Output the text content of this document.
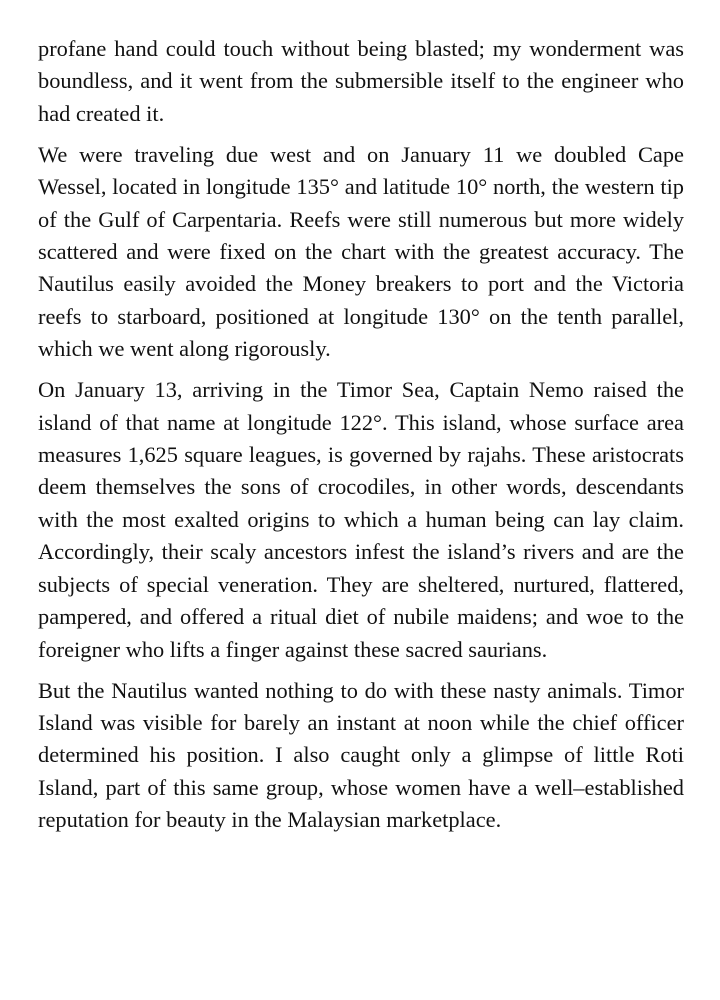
profane hand could touch without being blasted; my wonderment was boundless, and it went from the submersible itself to the engineer who had created it.

We were traveling due west and on January 11 we doubled Cape Wessel, located in longitude 135° and latitude 10° north, the western tip of the Gulf of Carpentaria. Reefs were still numerous but more widely scattered and were fixed on the chart with the greatest accuracy. The Nautilus easily avoided the Money breakers to port and the Victoria reefs to starboard, positioned at longitude 130° on the tenth parallel, which we went along rigorously.

On January 13, arriving in the Timor Sea, Captain Nemo raised the island of that name at longitude 122°. This island, whose surface area measures 1,625 square leagues, is governed by rajahs. These aristocrats deem themselves the sons of crocodiles, in other words, descendants with the most exalted origins to which a human being can lay claim. Accordingly, their scaly ancestors infest the island’s rivers and are the subjects of special veneration. They are sheltered, nurtured, flattered, pampered, and offered a ritual diet of nubile maidens; and woe to the foreigner who lifts a finger against these sacred saurians.

But the Nautilus wanted nothing to do with these nasty animals. Timor Island was visible for barely an instant at noon while the chief officer determined his position. I also caught only a glimpse of little Roti Island, part of this same group, whose women have a well–established reputation for beauty in the Malaysian marketplace.
